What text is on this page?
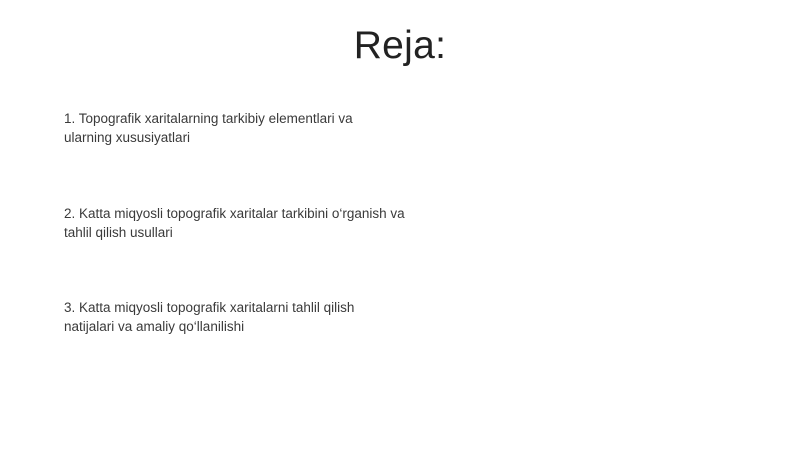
Reja:
1. Topografik xaritalarning tarkibiy elementlari va ularning xususiyatlari
2. Katta miqyosli topografik xaritalar tarkibini o‘rganish va tahlil qilish usullari
3. Katta miqyosli topografik xaritalarni tahlil qilish natijalari va amaliy qo‘llanilishi
